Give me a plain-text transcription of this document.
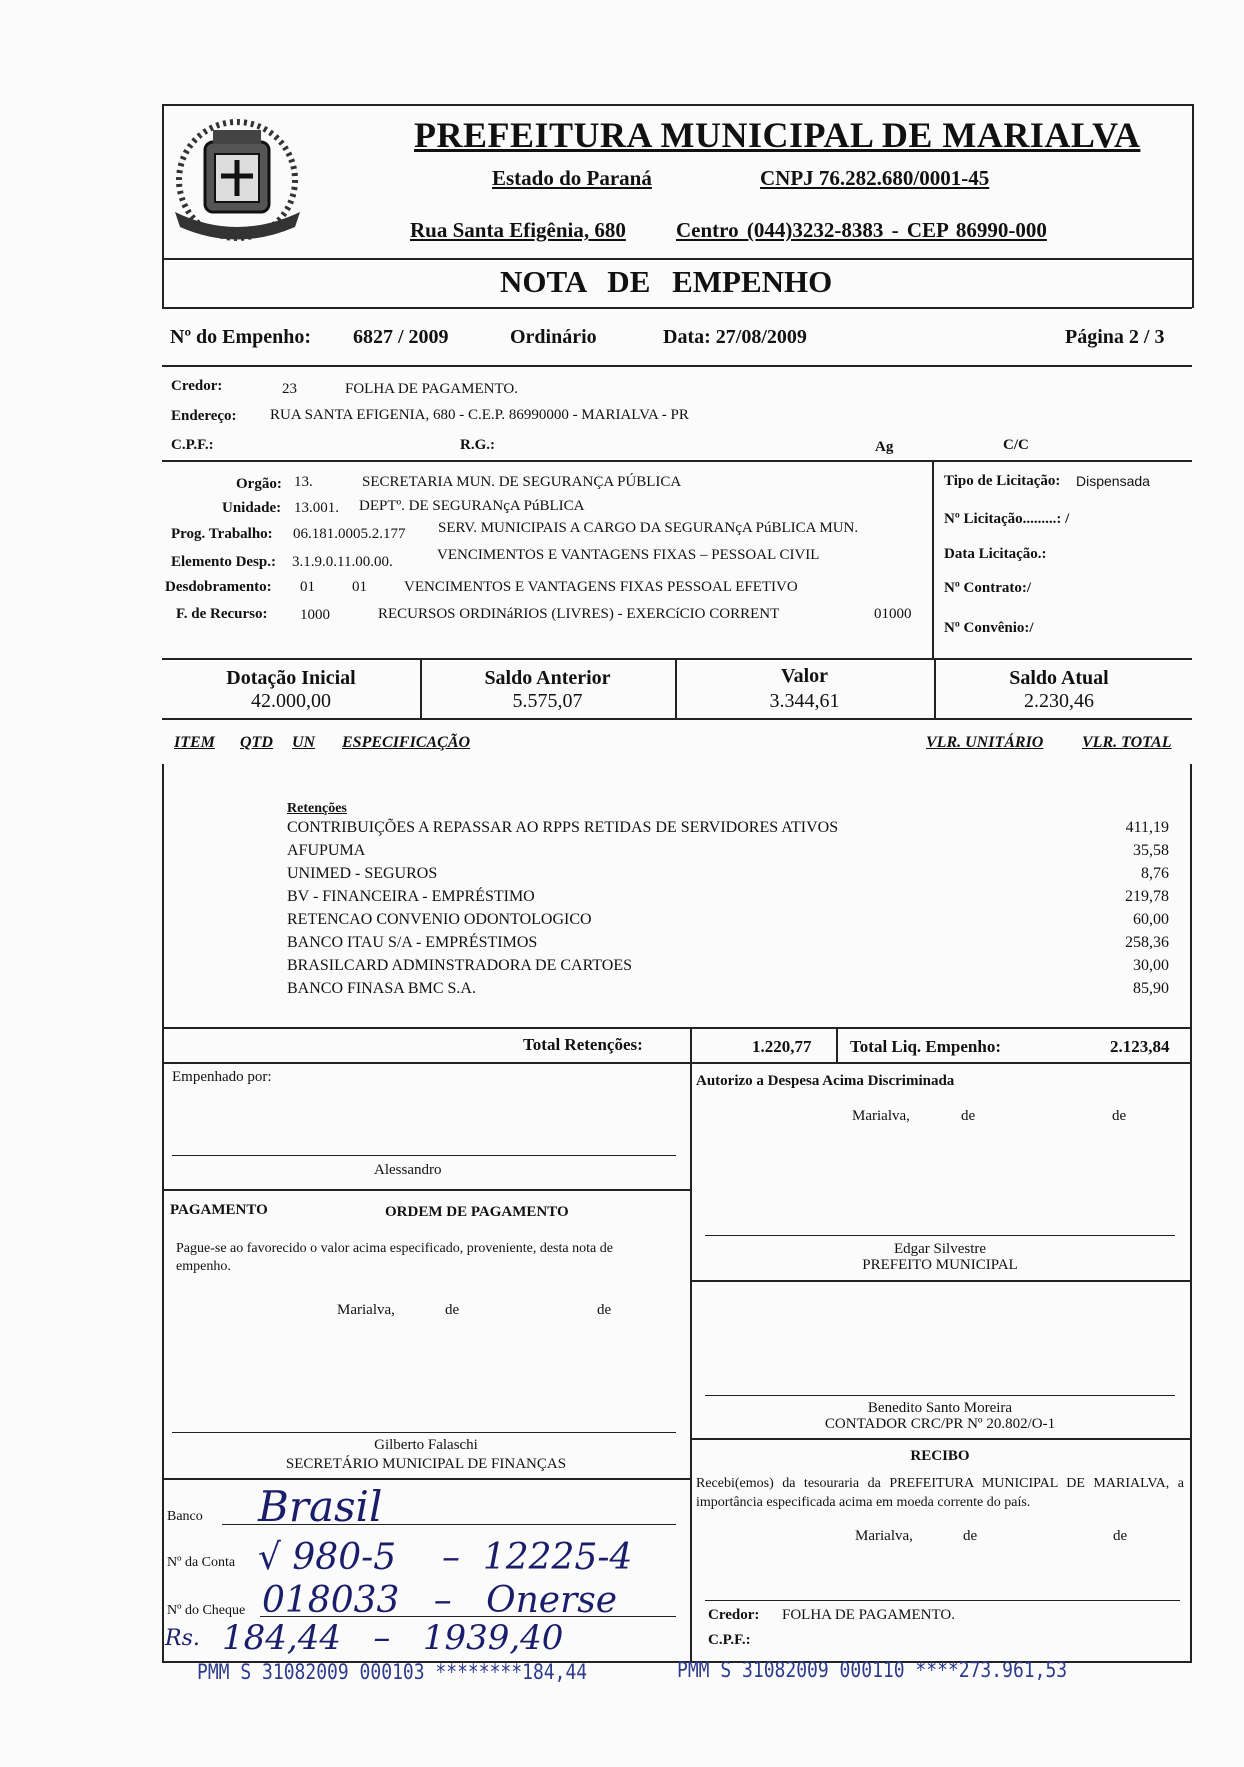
PREFEITURA MUNICIPAL DE MARIALVA
Estado do Paraná	CNPJ 76.282.680/0001-45
Rua Santa Efigênia, 680 Centro (044)3232-8383 - CEP 86990-000
NOTA DE EMPENHO
Nº do Empenho: 6827 / 2009	Ordinário	Data: 27/08/2009	Página 2 / 3
Credor:	23	FOLHA DE PAGAMENTO.
Endereço: RUA SANTA EFIGENIA, 680 - C.E.P. 86990000 - MARIALVA - PR
C.P.F.:	R.G.:	Ag	C/C
Orgão: 13.	SECRETARIA MUN. DE SEGURANÇA PÚBLICA
Unidade: 13.001. DEPTº. DE SEGURANçA PúBLICA
Prog. Trabalho: 06.181.0005.2.177 SERV. MUNICIPAIS A CARGO DA SEGURANçA PúBLICA MUN.
Elemento Desp.: 3.1.9.0.11.00.00.	VENCIMENTOS E VANTAGENS FIXAS – PESSOAL CIVIL
Desdobramento: 01 01 VENCIMENTOS E VANTAGENS FIXAS PESSOAL EFETIVO
F. de Recurso: 1000	RECURSOS ORDINáRIOS (LIVRES) - EXERCíCIO CORRENT	01000
Tipo de Licitação: Dispensada
Nº Licitação.........: /
Data Licitação.:
Nº Contrato:/
Nº Convênio:/
Dotação Inicial
42.000,00
Saldo Anterior
5.575,07
Valor
3.344,61
Saldo Atual
2.230,46
ITEM QTD UN ESPECIFICAÇÃO	VLR. UNITÁRIO VLR. TOTAL
Retenções
CONTRIBUIÇÕES A REPASSAR AO RPPS RETIDAS DE SERVIDORES ATIVOS	411,19
AFUPUMA	35,58
UNIMED - SEGUROS	8,76
BV - FINANCEIRA - EMPRÉSTIMO	219,78
RETENCAO CONVENIO ODONTOLOGICO	60,00
BANCO ITAU S/A - EMPRÉSTIMOS	258,36
BRASILCARD ADMINSTRADORA DE CARTOES	30,00
BANCO FINASA BMC S.A.	85,90
Total Retenções:	1.220,77 Total Liq. Empenho:	2.123,84
Empenhado por:
Alessandro
Autorizo a Despesa Acima Discriminada
Marialva,	de	de
Edgar Silvestre
PREFEITO MUNICIPAL
PAGAMENTO	ORDEM DE PAGAMENTO
Pague-se ao favorecido o valor acima especificado, proveniente, desta nota de empenho.
Marialva,	de	de
Benedito Santo Moreira
CONTADOR CRC/PR Nº 20.802/O-1
Gilberto Falaschi
SECRETÁRIO MUNICIPAL DE FINANÇAS	RECIBO
Recebi(emos) da tesouraria da PREFEITURA MUNICIPAL DE MARIALVA, a importância especificada acima em moeda corrente do país.
Marialva,	de	de
Credor: FOLHA DE PAGAMENTO.
C.P.F.:
Banco Brasil
Nº da Conta √ 980-5    –  12225-4
Nº do Cheque 018033   –   Onerse
Rs. 184,44   –   1939,40
PMM S 31082009 000103 ********184,44	PMM S 31082009 000110 ****273.961,53
